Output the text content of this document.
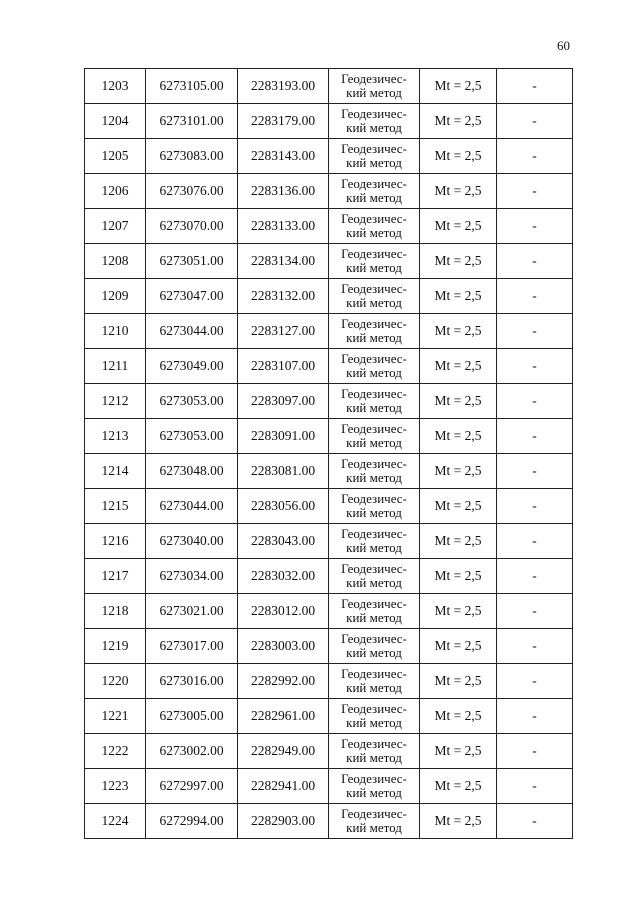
60
1203	6273105.00	2283193.00	Геодезичес-
кий метод	Mt = 2,5	-
1204	6273101.00	2283179.00	Геодезичес-
кий метод	Mt = 2,5	-
1205	6273083.00	2283143.00	Геодезичес-
кий метод	Mt = 2,5	-
1206	6273076.00	2283136.00	Геодезичес-
кий метод	Mt = 2,5	-
1207	6273070.00	2283133.00	Геодезичес-
кий метод	Mt = 2,5	-
1208	6273051.00	2283134.00	Геодезичес-
кий метод	Mt = 2,5	-
1209	6273047.00	2283132.00	Геодезичес-
кий метод	Mt = 2,5	-
1210	6273044.00	2283127.00	Геодезичес-
кий метод	Mt = 2,5	-
1211	6273049.00	2283107.00	Геодезичес-
кий метод	Mt = 2,5	-
1212	6273053.00	2283097.00	Геодезичес-
кий метод	Mt = 2,5	-
1213	6273053.00	2283091.00	Геодезичес-
кий метод	Mt = 2,5	-
1214	6273048.00	2283081.00	Геодезичес-
кий метод	Mt = 2,5	-
1215	6273044.00	2283056.00	Геодезичес-
кий метод	Mt = 2,5	-
1216	6273040.00	2283043.00	Геодезичес-
кий метод	Mt = 2,5	-
1217	6273034.00	2283032.00	Геодезичес-
кий метод	Mt = 2,5	-
1218	6273021.00	2283012.00	Геодезичес-
кий метод	Mt = 2,5	-
1219	6273017.00	2283003.00	Геодезичес-
кий метод	Mt = 2,5	-
1220	6273016.00	2282992.00	Геодезичес-
кий метод	Mt = 2,5	-
1221	6273005.00	2282961.00	Геодезичес-
кий метод	Mt = 2,5	-
1222	6273002.00	2282949.00	Геодезичес-
кий метод	Mt = 2,5	-
1223	6272997.00	2282941.00	Геодезичес-
кий метод	Mt = 2,5	-
1224	6272994.00	2282903.00	Геодезичес-
кий метод	Mt = 2,5	-
